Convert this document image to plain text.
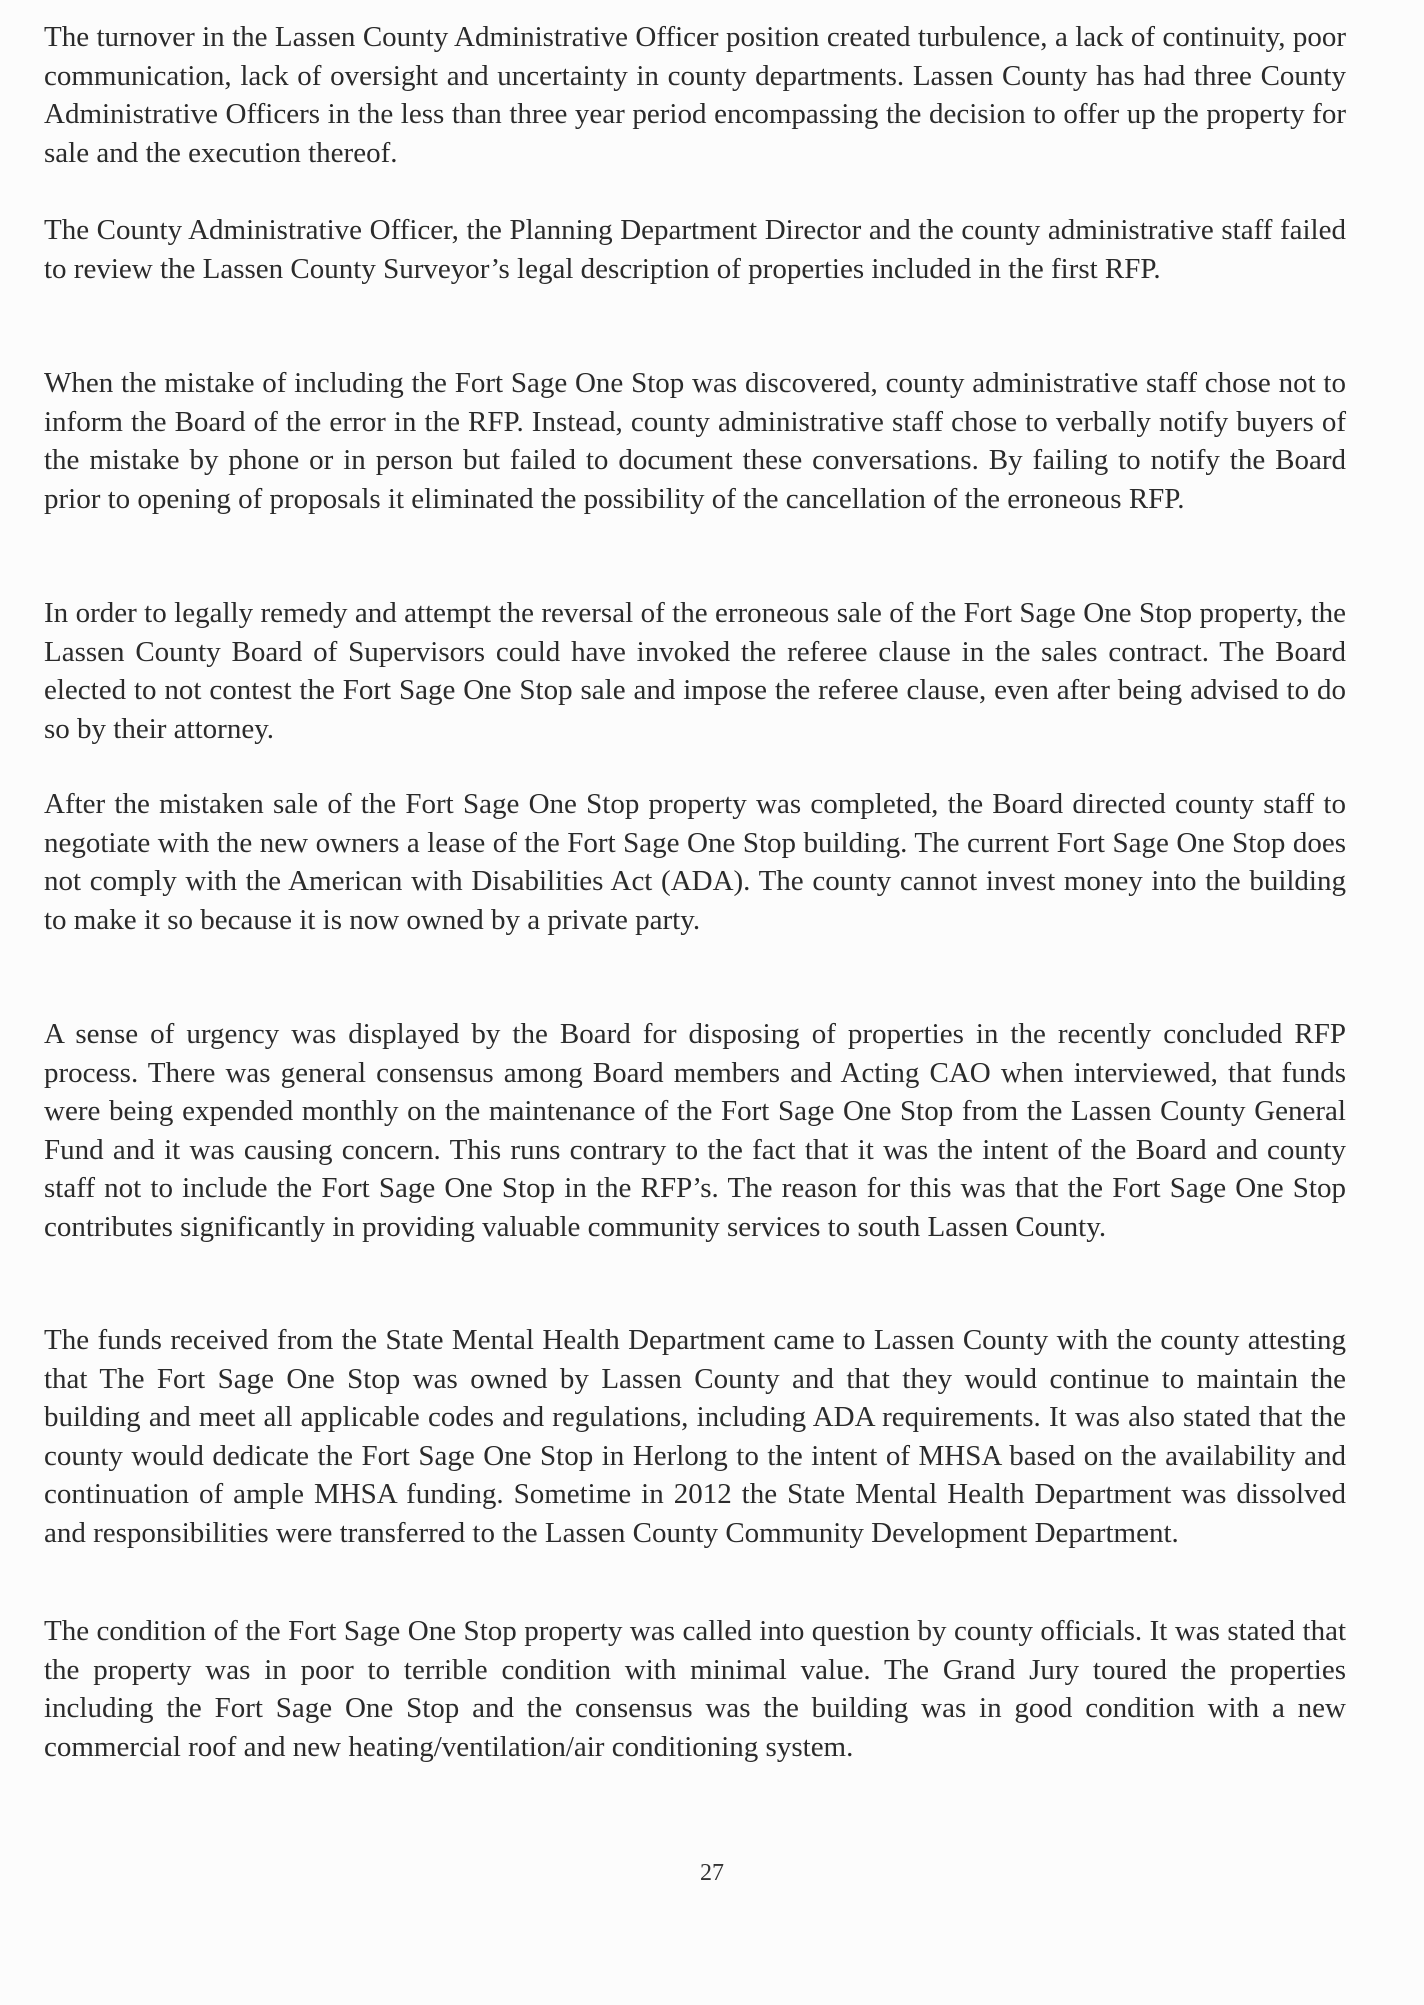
The turnover in the Lassen County Administrative Officer position created turbulence, a lack of continuity, poor communication, lack of oversight and uncertainty in county departments. Lassen County has had three County Administrative Officers in the less than three year period encompassing the decision to offer up the property for sale and the execution thereof.

The County Administrative Officer, the Planning Department Director and the county administrative staff failed to review the Lassen County Surveyor’s legal description of properties included in the first RFP.

When the mistake of including the Fort Sage One Stop was discovered, county administrative staff chose not to inform the Board of the error in the RFP. Instead, county administrative staff chose to verbally notify buyers of the mistake by phone or in person but failed to document these conversations. By failing to notify the Board prior to opening of proposals it eliminated the possibility of the cancellation of the erroneous RFP.

In order to legally remedy and attempt the reversal of the erroneous sale of the Fort Sage One Stop property, the Lassen County Board of Supervisors could have invoked the referee clause in the sales contract. The Board elected to not contest the Fort Sage One Stop sale and impose the referee clause, even after being advised to do so by their attorney.

After the mistaken sale of the Fort Sage One Stop property was completed, the Board directed county staff to negotiate with the new owners a lease of the Fort Sage One Stop building. The current Fort Sage One Stop does not comply with the American with Disabilities Act (ADA). The county cannot invest money into the building to make it so because it is now owned by a private party.

A sense of urgency was displayed by the Board for disposing of properties in the recently concluded RFP process. There was general consensus among Board members and Acting CAO when interviewed, that funds were being expended monthly on the maintenance of the Fort Sage One Stop from the Lassen County General Fund and it was causing concern. This runs contrary to the fact that it was the intent of the Board and county staff not to include the Fort Sage One Stop in the RFP’s. The reason for this was that the Fort Sage One Stop contributes significantly in providing valuable community services to south Lassen County.

The funds received from the State Mental Health Department came to Lassen County with the county attesting that The Fort Sage One Stop was owned by Lassen County and that they would continue to maintain the building and meet all applicable codes and regulations, including ADA requirements. It was also stated that the county would dedicate the Fort Sage One Stop in Herlong to the intent of MHSA based on the availability and continuation of ample MHSA funding. Sometime in 2012 the State Mental Health Department was dissolved and responsibilities were transferred to the Lassen County Community Development Department.

The condition of the Fort Sage One Stop property was called into question by county officials. It was stated that the property was in poor to terrible condition with minimal value. The Grand Jury toured the properties including the Fort Sage One Stop and the consensus was the building was in good condition with a new commercial roof and new heating/ventilation/air conditioning system.

27
